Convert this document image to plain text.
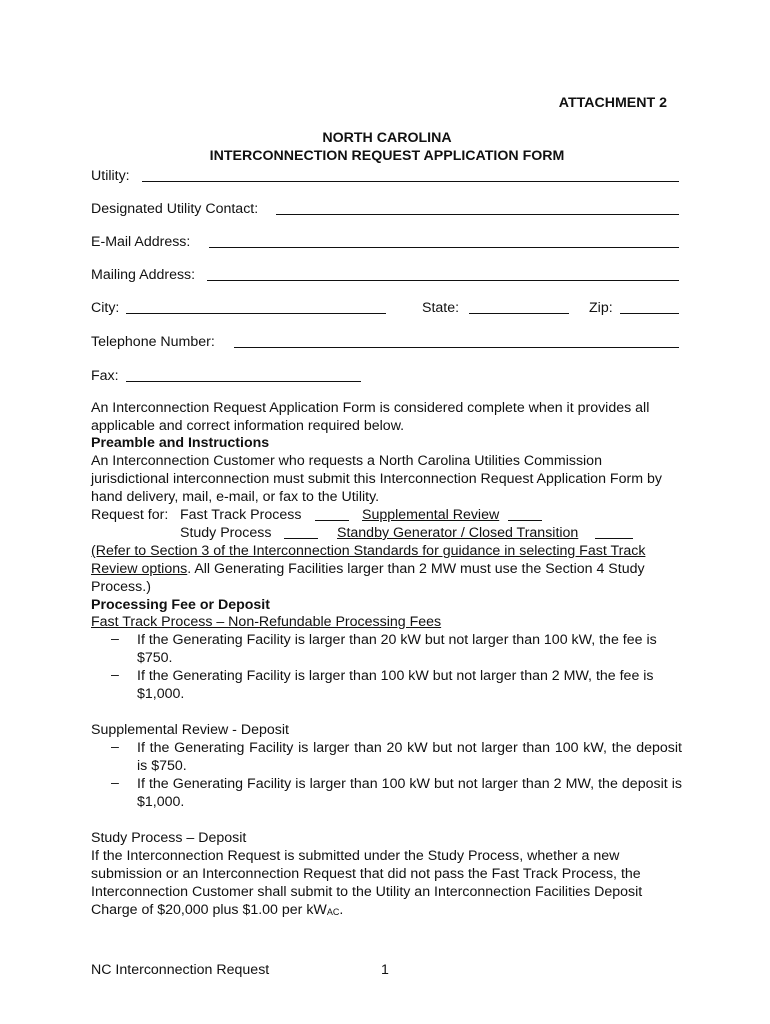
ATTACHMENT 2
NORTH CAROLINA
INTERCONNECTION REQUEST APPLICATION FORM
Utility:
Designated Utility Contact:
E-Mail Address:
Mailing Address:
City:	State:	Zip:
Telephone Number:
Fax:
An Interconnection Request Application Form is considered complete when it provides all applicable and correct information required below.
Preamble and Instructions
An Interconnection Customer who requests a North Carolina Utilities Commission jurisdictional interconnection must submit this Interconnection Request Application Form by hand delivery, mail, e-mail, or fax to the Utility.
Request for: Fast Track Process	Supplemental Review
Study Process	Standby Generator / Closed Transition
(Refer to Section 3 of the Interconnection Standards for guidance in selecting Fast Track Review options. All Generating Facilities larger than 2 MW must use the Section 4 Study Process.)
Processing Fee or Deposit
Fast Track Process – Non-Refundable Processing Fees
– If the Generating Facility is larger than 20 kW but not larger than 100 kW, the fee is $750.
– If the Generating Facility is larger than 100 kW but not larger than 2 MW, the fee is $1,000.
Supplemental Review - Deposit
– If the Generating Facility is larger than 20 kW but not larger than 100 kW, the deposit is $750.
– If the Generating Facility is larger than 100 kW but not larger than 2 MW, the deposit is $1,000.
Study Process – Deposit
If the Interconnection Request is submitted under the Study Process, whether a new submission or an Interconnection Request that did not pass the Fast Track Process, the Interconnection Customer shall submit to the Utility an Interconnection Facilities Deposit Charge of $20,000 plus $1.00 per $kW_{AC}$.
NC Interconnection Request	1
